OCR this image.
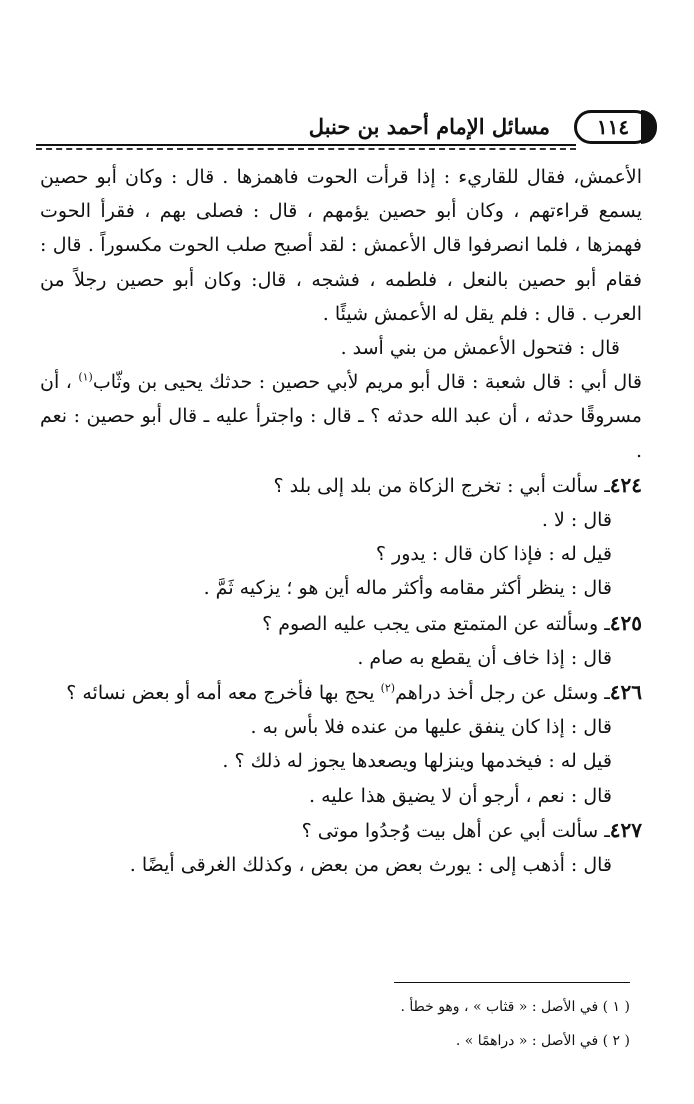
١١٤
مسائل الإمام أحمد بن حنبل

الأعمش، فقال للقاريء : إذا قرأت الحوت فاهمزها . قال : وكان أبو حصين يسمع قراءتهم ، وكان أبو حصين يؤمهم ، قال : فصلى بهم ، فقرأ الحوت فهمزها ، فلما انصرفوا قال الأعمش : لقد أصبح صلب الحوت مكسوراً . قال : فقام أبو حصين بالنعل ، فلطمه ، فشجه ، قال: وكان أبو حصين رجلاً من العرب . قال : فلم يقل له الأعمش شيئًا .

قال : فتحول الأعمش من بني أسد .

قال أبي : قال شعبة : قال أبو مريم لأبي حصين : حدثك يحيى بن وثّاب$^{(١)}$ ، أن مسروقًا حدثه ، أن عبد الله حدثه ؟ ـ قال : واجترأ عليه ـ قال أبو حصين : نعم .

٤٢٤ـ سألت أبي : تخرج الزكاة من بلد إلى بلد ؟

قال : لا .

قيل له : فإذا كان قال : يدور ؟

قال : ينظر أكثر مقامه وأكثر ماله أين هو ؛ يزكيه ثَمَّ .

٤٢٥ـ وسألته عن المتمتع متى يجب عليه الصوم ؟

قال : إذا خاف أن يقطع به صام .

٤٢٦ـ وسئل عن رجل أخذ دراهم$^{(٢)}$ يحج بها فأخرج معه أمه أو بعض نسائه ؟

قال : إذا كان ينفق عليها من عنده فلا بأس به .

قيل له : فيخدمها وينزلها ويصعدها يجوز له ذلك ؟ .

قال : نعم ، أرجو أن لا يضيق هذا عليه .

٤٢٧ـ سألت أبي عن أهل بيت وُجدُوا موتى ؟

قال : أذهب إلى : يورث بعض من بعض ، وكذلك الغرقى أيضًا .

( ١ ) في الأصل : « قثاب » ، وهو خطأ .

( ٢ ) في الأصل : « دراهمًا » .
